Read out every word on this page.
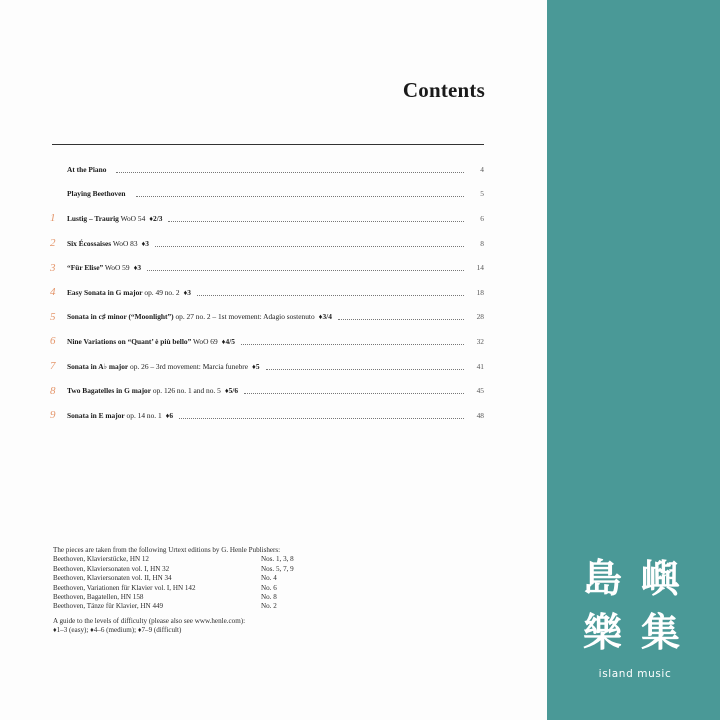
Contents
At the Piano	4
Playing Beethoven	5
1	Lustig – Traurig WoO 54 ♦2/3	6
2	Six Écossaises WoO 83 ♦3	8
3	“Für Elise” WoO 59 ♦3	14
4	Easy Sonata in G major op. 49 no. 2 ♦3	18
5	Sonata in c♯ minor (“Moonlight”) op. 27 no. 2 – 1st movement: Adagio sostenuto ♦3/4	28
6	Nine Variations on “Quant’ è più bello” WoO 69 ♦4/5	32
7	Sonata in A♭ major op. 26 – 3rd movement: Marcia funebre ♦5	41
8	Two Bagatelles in G major op. 126 no. 1 and no. 5 ♦5/6	45
9	Sonata in E major op. 14 no. 1 ♦6	48
The pieces are taken from the following Urtext editions by G. Henle Publishers:
Beethoven, Klavierstücke, HN 12	Nos. 1, 3, 8
Beethoven, Klaviersonaten vol. I, HN 32	Nos. 5, 7, 9
Beethoven, Klaviersonaten vol. II, HN 34	No. 4
Beethoven, Variationen für Klavier vol. I, HN 142	No. 6
Beethoven, Bagatellen, HN 158	No. 8
Beethoven, Tänze für Klavier, HN 449	No. 2
A guide to the levels of difficulty (please also see www.henle.com):
♦1–3 (easy); ♦4–6 (medium); ♦7–9 (difficult)
島 嶼
樂 集
island music
